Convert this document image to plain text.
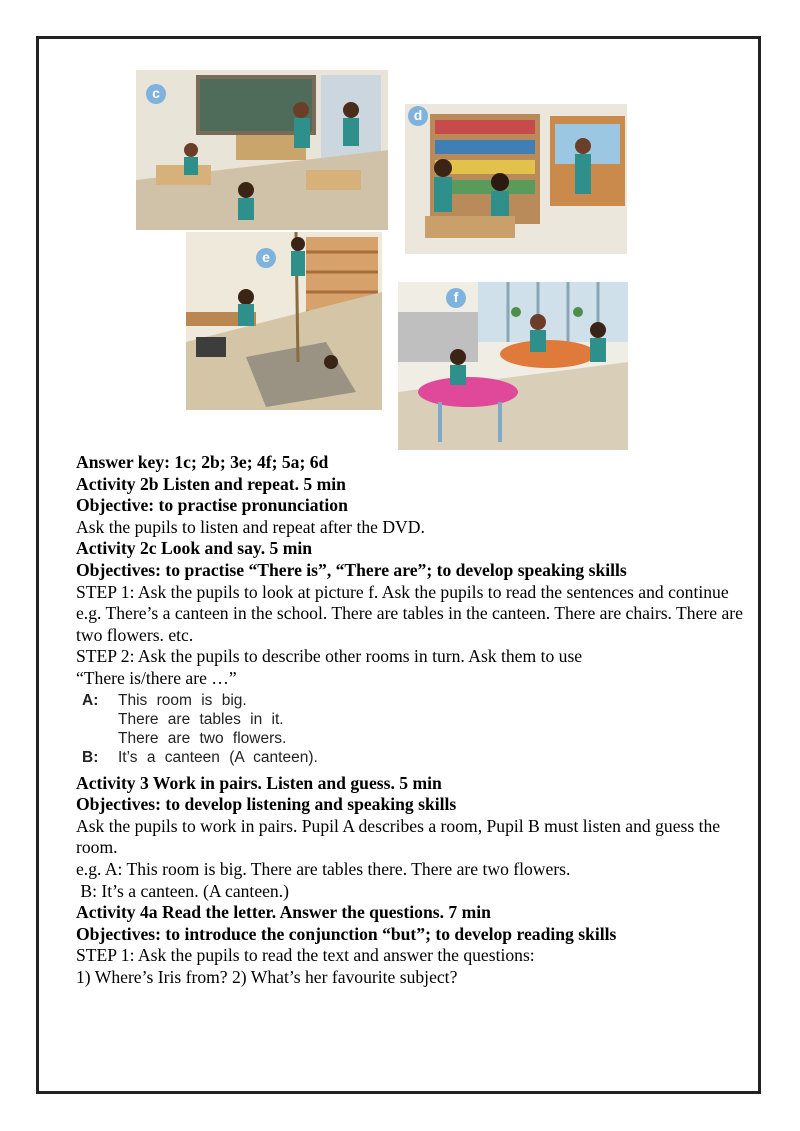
c
d
e
f

Answer key: 1c; 2b; 3e; 4f; 5a; 6d

Activity 2b Listen and repeat. 5 min

Objective: to practise pronunciation

Ask the pupils to listen and repeat after the DVD.

Activity 2c Look and say. 5 min

Objectives: to practise “There is”, “There are”; to develop speaking skills

STEP 1: Ask the pupils to look at picture f. Ask the pupils to read the sentences and continue e.g. There’s a canteen in the school. There are tables in the canteen. There are chairs. There are two flowers. etc.

STEP 2: Ask the pupils to describe other rooms in turn. Ask them to use

“There is/there are …”

A:	This room is big.
There are tables in it.
There are two flowers.
B:	It’s a canteen (A canteen).

Activity 3 Work in pairs. Listen and guess. 5 min

Objectives: to develop listening and speaking skills

Ask the pupils to work in pairs. Pupil A describes a room, Pupil B must listen and guess the room.

e.g. A: This room is big. There are tables there. There are two flowers.

B: It’s a canteen. (A canteen.)

Activity 4a Read the letter. Answer the questions. 7 min

Objectives: to introduce the conjunction “but”; to develop reading skills

STEP 1: Ask the pupils to read the text and answer the questions:

1) Where’s Iris from? 2) What’s her favourite subject?
